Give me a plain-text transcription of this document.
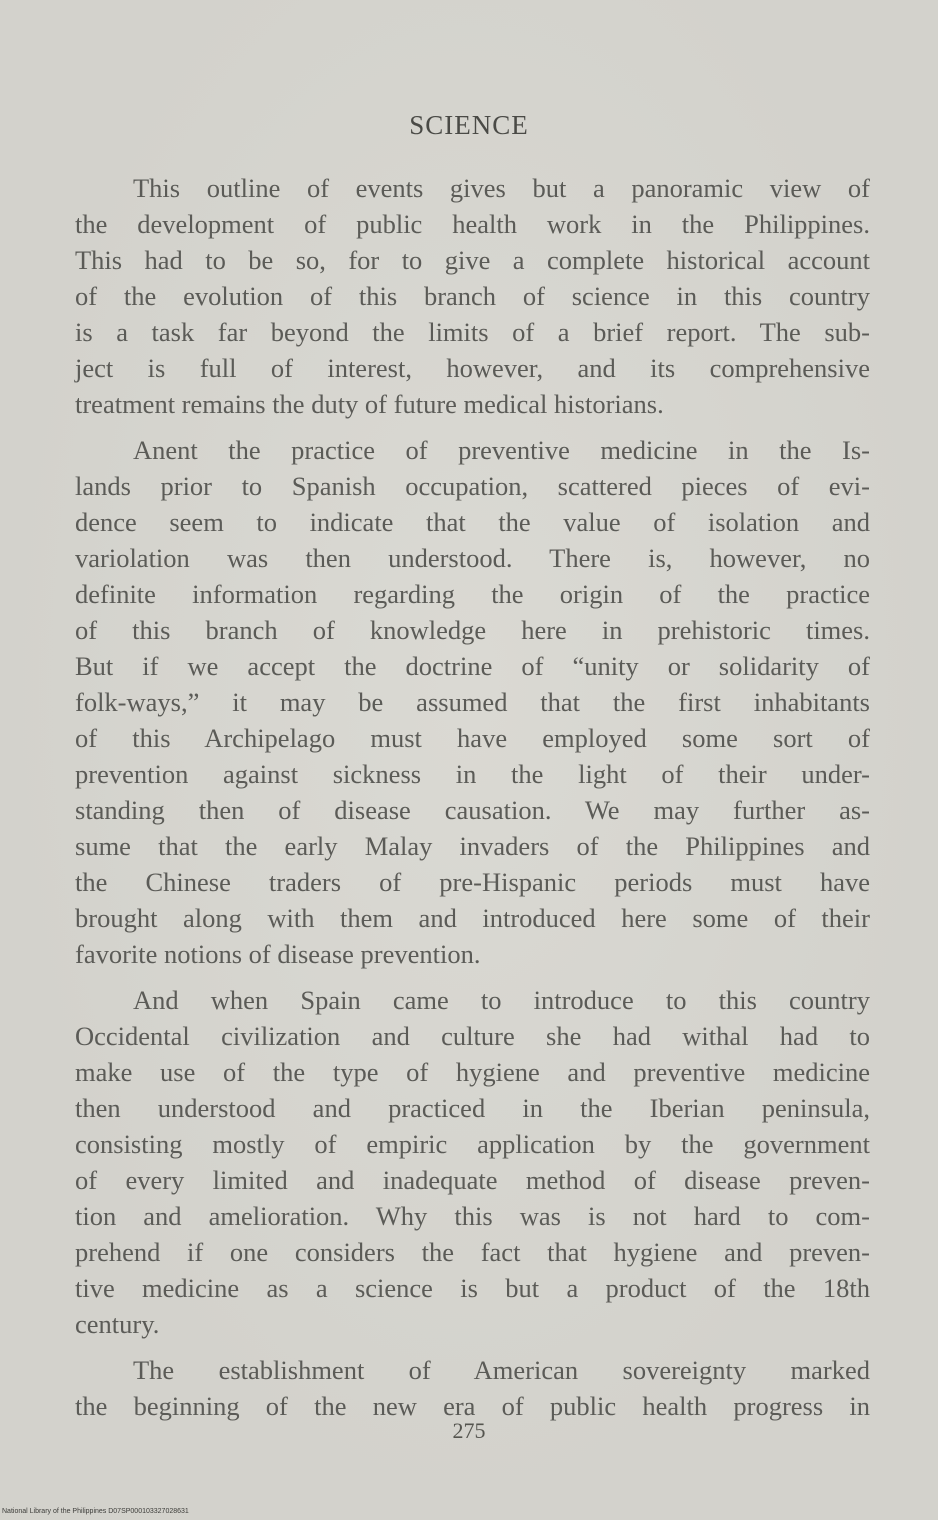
SCIENCE

This outline of events gives but a panoramic view of
the development of public health work in the Philippines.
This had to be so, for to give a complete historical account
of the evolution of this branch of science in this country
is a task far beyond the limits of a brief report. The sub-
ject is full of interest, however, and its comprehensive
treatment remains the duty of future medical historians.

Anent the practice of preventive medicine in the Is-
lands prior to Spanish occupation, scattered pieces of evi-
dence seem to indicate that the value of isolation and
variolation was then understood. There is, however, no
definite information regarding the origin of the practice
of this branch of knowledge here in prehistoric times.
But if we accept the doctrine of “unity or solidarity of
folk-ways,” it may be assumed that the first inhabitants
of this Archipelago must have employed some sort of
prevention against sickness in the light of their under-
standing then of disease causation. We may further as-
sume that the early Malay invaders of the Philippines and
the Chinese traders of pre-Hispanic periods must have
brought along with them and introduced here some of their
favorite notions of disease prevention.

And when Spain came to introduce to this country
Occidental civilization and culture she had withal had to
make use of the type of hygiene and preventive medicine
then understood and practiced in the Iberian peninsula,
consisting mostly of empiric application by the government
of every limited and inadequate method of disease preven-
tion and amelioration. Why this was is not hard to com-
prehend if one considers the fact that hygiene and preven-
tive medicine as a science is but a product of the 18th
century.

The establishment of American sovereignty marked
the beginning of the new era of public health progress in

275
National Library of the Philippines D07SP000103327028631
